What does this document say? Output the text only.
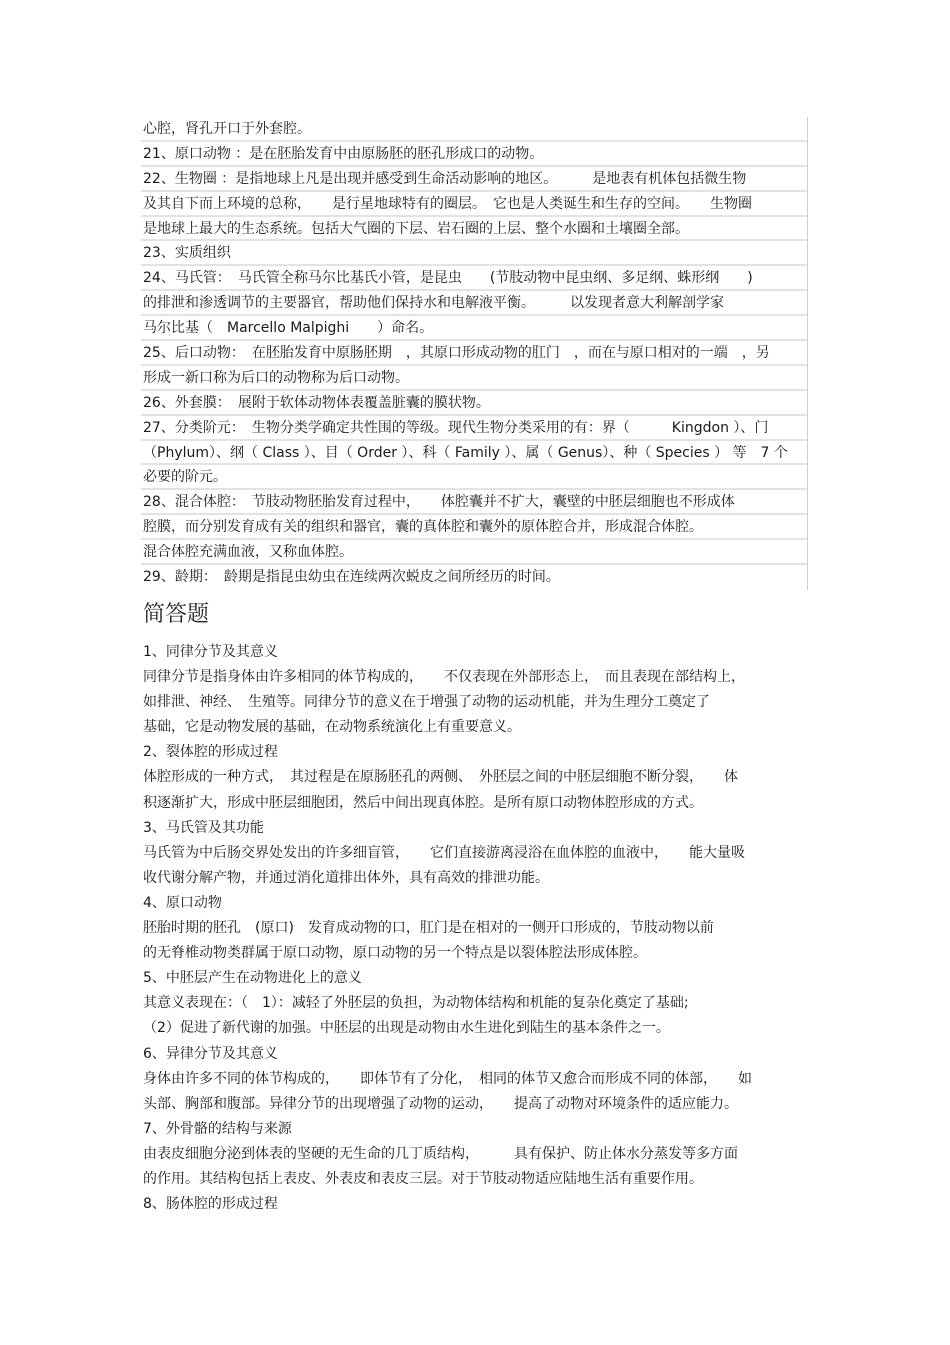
心腔，肾孔开口于外套腔。
21、原口动物 ：是在胚胎发育中由原肠胚的胚孔形成口的动物。
22、生物圈 ：是指地球上凡是出现并感受到生命活动影响的地区。　　　是地表有机体包括微生物
及其自下而上环境的总称，　　是行星地球特有的圈层。　它也是人类诞生和生存的空间。　　生物圈
是地球上最大的生态系统。包括大气圈的下层、岩石圈的上层、整个水圈和土壤圈全部。
23、实质组织
24、马氏管：　马氏管全称马尔比基氏小管，是昆虫　　(节肢动物中昆虫纲、多足纲、蛛形纲　　)
的排泄和渗透调节的主要器官，帮助他们保持水和电解液平衡。　　　以发现者意大利解剖学家
马尔比基（　Marcello Malpighi　　）命名。
25、后口动物：　在胚胎发育中原肠胚期　，其原口形成动物的肛门　，而在与原口相对的一端　，另
形成一新口称为后口的动物称为后口动物。
26、外套膜：　展附于软体动物体表覆盖脏囊的膜状物。
27、分类阶元：　生物分类学确定共性围的等级。现代生物分类采用的有：界（　　　Kingdon ）、门
（Phylum）、纲（ Class ）、目（ Order ）、科（ Family ）、属（ Genus）、种（ Species ） 等　7 个
必要的阶元。
28、混合体腔：　节肢动物胚胎发育过程中，　　体腔囊并不扩大，囊壁的中胚层细胞也不形成体
腔膜，而分别发育成有关的组织和器官，囊的真体腔和囊外的原体腔合并，形成混合体腔。
混合体腔充满血液，又称血体腔。
29、龄期：　龄期是指昆虫幼虫在连续两次蜕皮之间所经历的时间。
简答题
1、同律分节及其意义
同律分节是指身体由许多相同的体节构成的，　　不仅表现在外部形态上，　而且表现在部结构上，
如排泄、神经、　生殖等。同律分节的意义在于增强了动物的运动机能，并为生理分工奠定了
基础，它是动物发展的基础，在动物系统演化上有重要意义。
2、裂体腔的形成过程
体腔形成的一种方式，　其过程是在原肠胚孔的两侧、　外胚层之间的中胚层细胞不断分裂，　　体
积逐渐扩大，形成中胚层细胞团，然后中间出现真体腔。是所有原口动物体腔形成的方式。
3、马氏管及其功能
马氏管为中后肠交界处发出的许多细盲管，　　它们直接游离浸浴在血体腔的血液中，　　能大量吸
收代谢分解产物，并通过消化道排出体外，具有高效的排泄功能。
4、原口动物
胚胎时期的胚孔　(原口)　发育成动物的口，肛门是在相对的一侧开口形成的，节肢动物以前
的无脊椎动物类群属于原口动物，原口动物的另一个特点是以裂体腔法形成体腔。
5、中胚层产生在动物进化上的意义
其意义表现在：（　1）：减轻了外胚层的负担，为动物体结构和机能的复杂化奠定了基础;
（2）促进了新代谢的加强。中胚层的出现是动物由水生进化到陆生的基本条件之一。
6、异律分节及其意义
身体由许多不同的体节构成的，　　即体节有了分化，　相同的体节又愈合而形成不同的体部，　　如
头部、胸部和腹部。异律分节的出现增强了动物的运动，　　提高了动物对环境条件的适应能力。
7、外骨骼的结构与来源
由表皮细胞分泌到体表的坚硬的无生命的几丁质结构，　　　具有保护、防止体水分蒸发等多方面
的作用。其结构包括上表皮、外表皮和表皮三层。对于节肢动物适应陆地生活有重要作用。
8、肠体腔的形成过程
